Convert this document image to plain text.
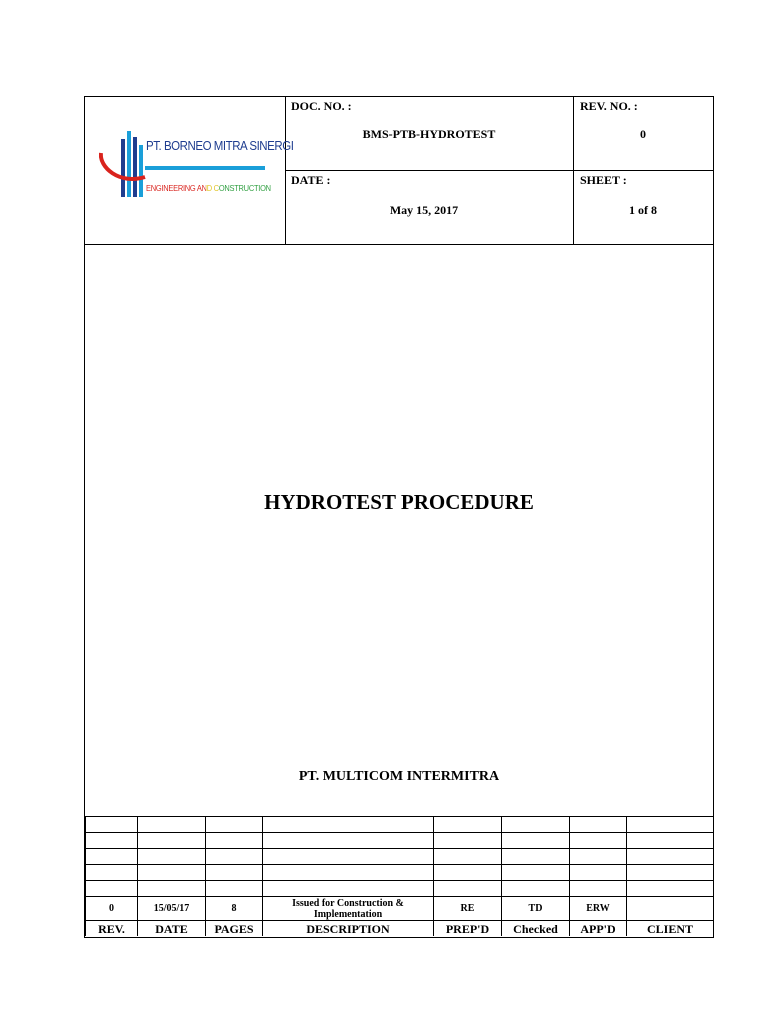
PT. BORNEO MITRA SINERGI
ENGINEERING AND CONSTRUCTION
DOC. NO. :
BMS-PTB-HYDROTEST
REV. NO. :
0
DATE :
May 15, 2017
SHEET :
1 of 8
HYDROTEST PROCEDURE
PT. MULTICOM INTERMITRA

0	15/05/17	8	Issued for Construction & Implementation	RE	TD	ERW	
REV.	DATE	PAGES	DESCRIPTION	PREP'D	Checked	APP'D	CLIENT
